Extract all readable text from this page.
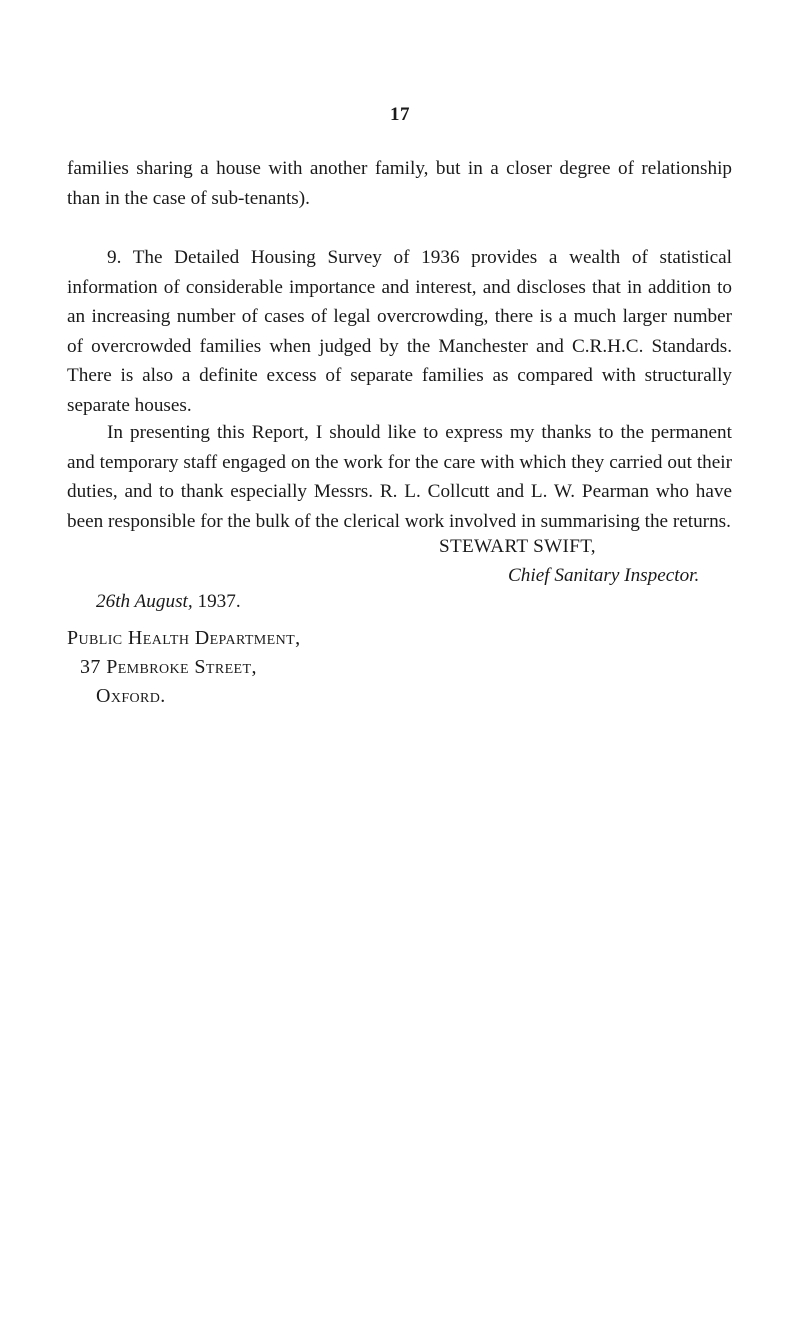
17

families sharing a house with another family, but in a closer degree of relationship than in the case of sub-tenants).

9. The Detailed Housing Survey of 1936 provides a wealth of statistical information of considerable importance and interest, and discloses that in addition to an increasing number of cases of legal overcrowding, there is a much larger number of overcrowded families when judged by the Manchester and C.R.H.C. Standards. There is also a definite excess of separate families as compared with structurally separate houses.

In presenting this Report, I should like to express my thanks to the permanent and temporary staff engaged on the work for the care with which they carried out their duties, and to thank especially Messrs. R. L. Collcutt and L. W. Pearman who have been responsible for the bulk of the clerical work involved in summarising the returns.

STEWART SWIFT,
Chief Sanitary Inspector.
26th August, 1937.
Public Health Department,
37 Pembroke Street,
Oxford.
